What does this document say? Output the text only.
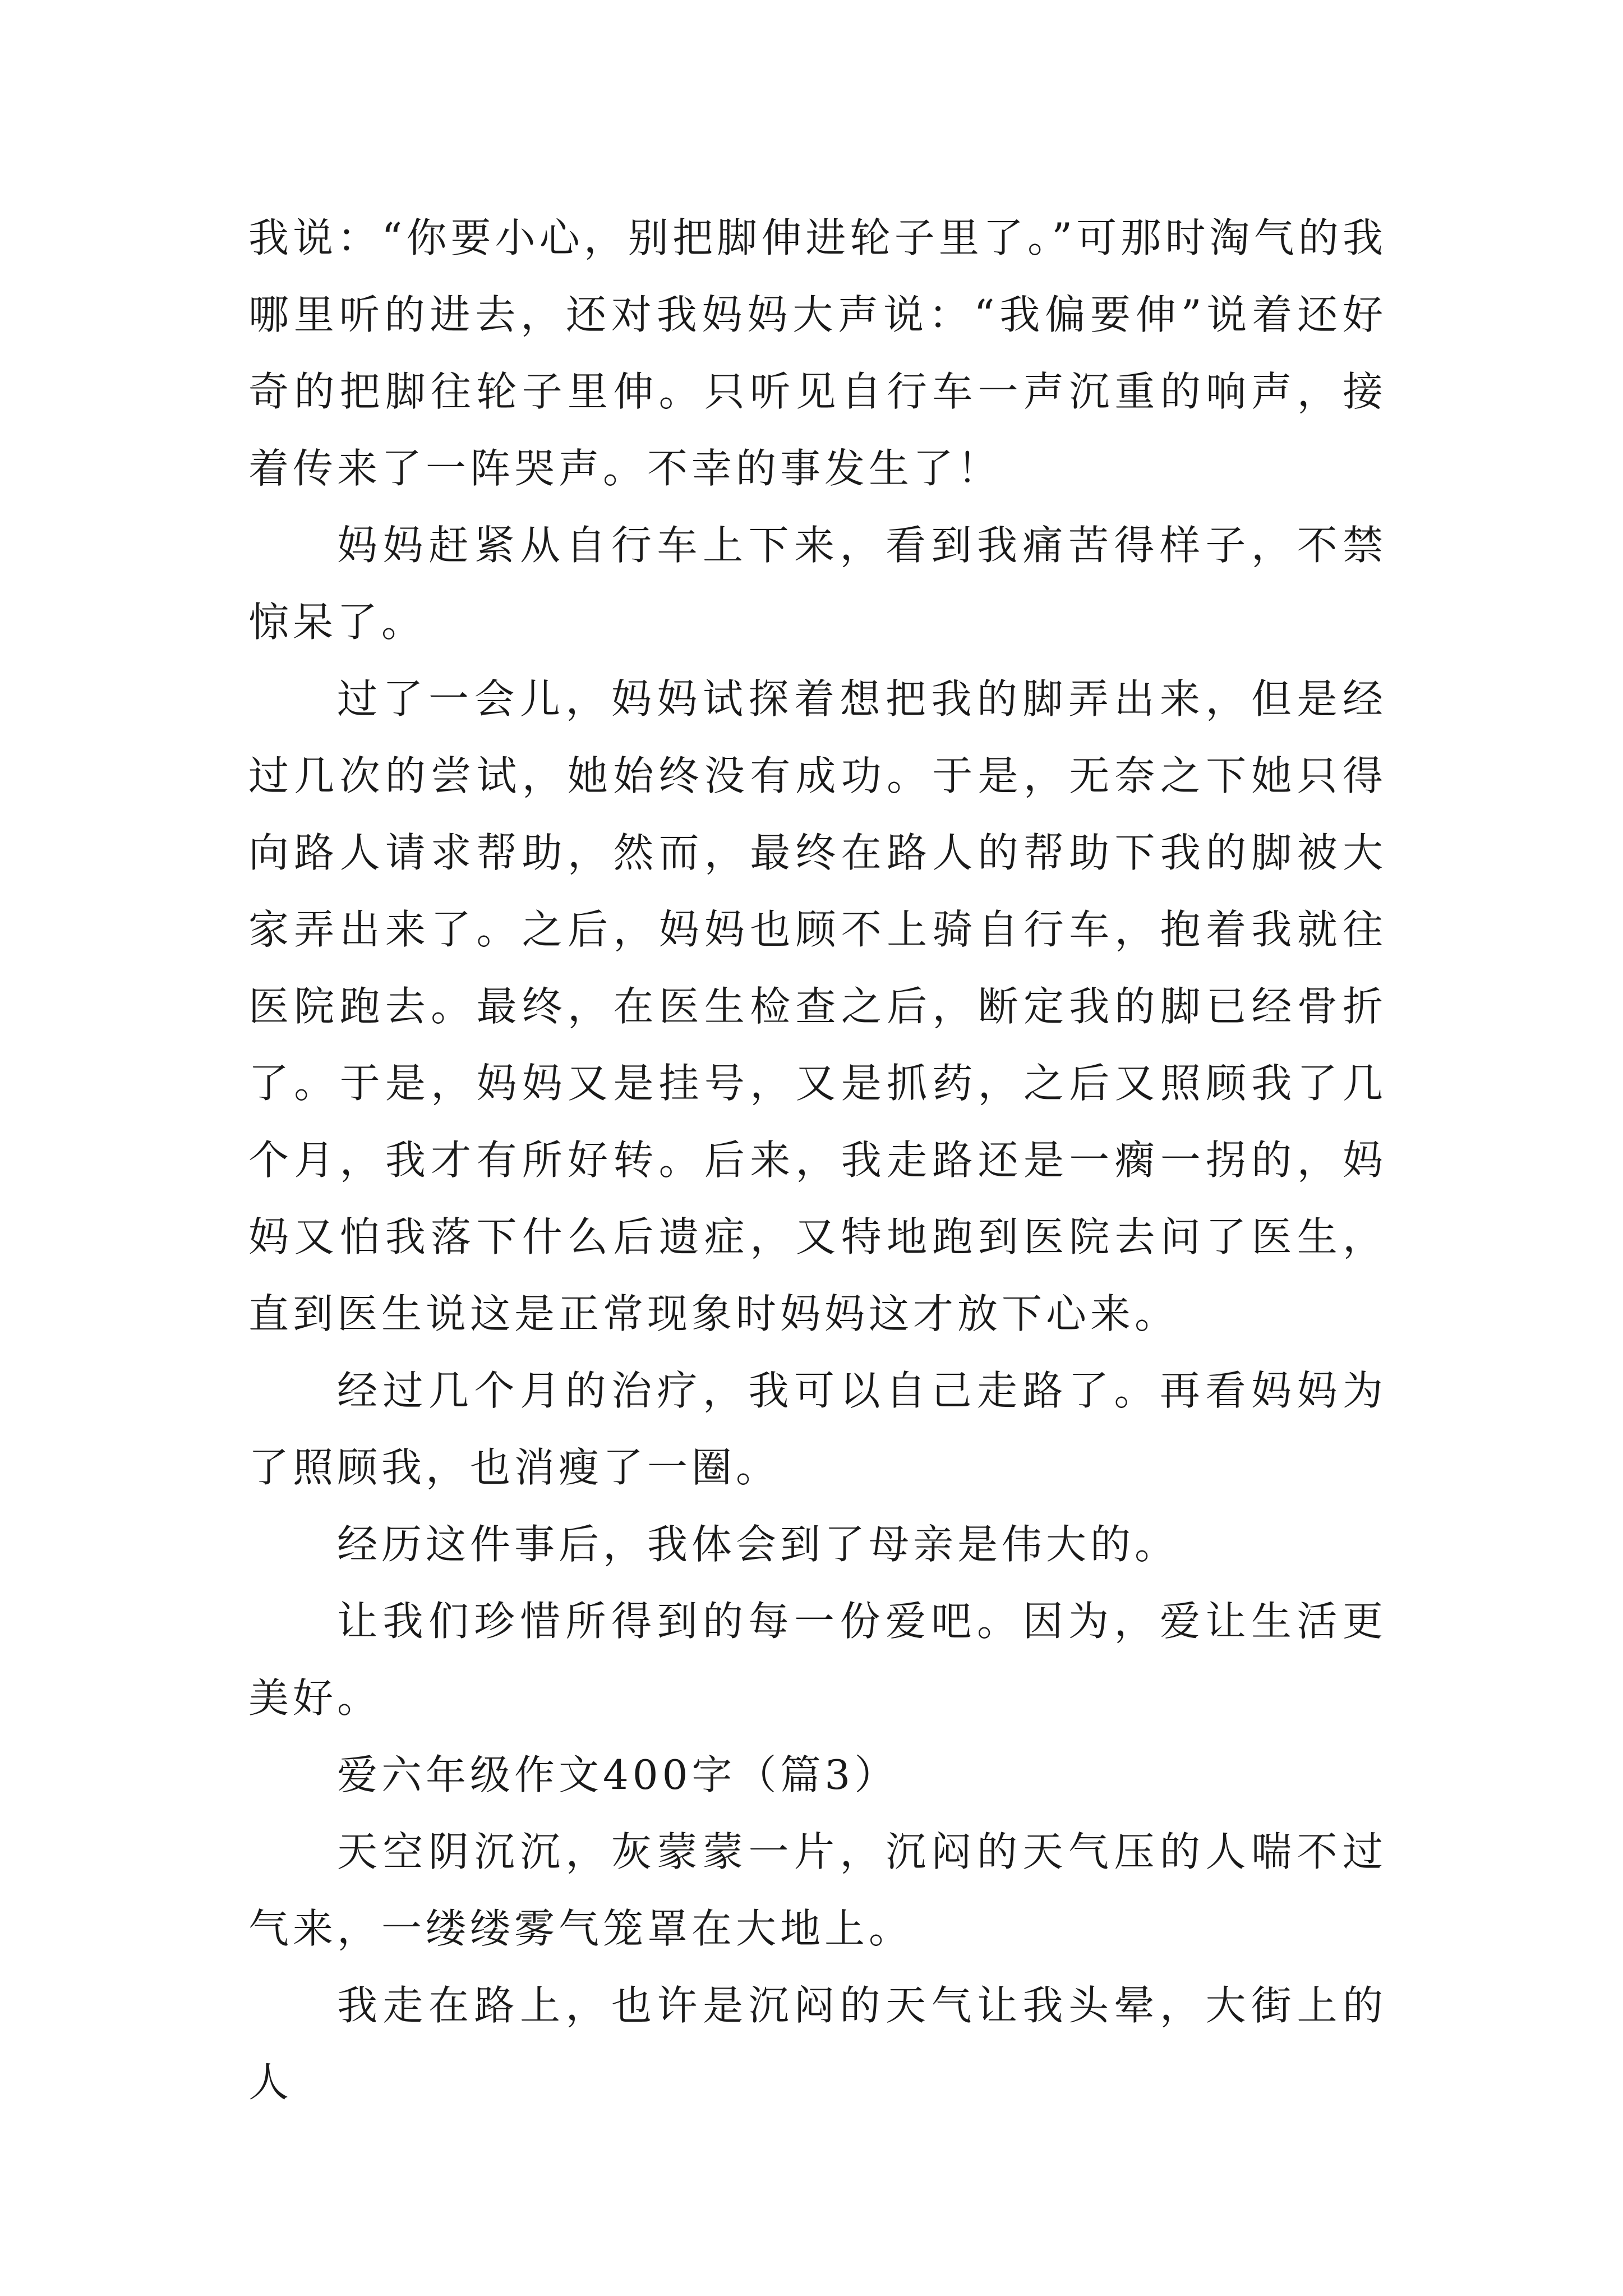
我说：“你要小心，别把脚伸进轮子里了。”可那时淘气的我哪里听的进去，还对我妈妈大声说：“我偏要伸”说着还好奇的把脚往轮子里伸。只听见自行车一声沉重的响声，接着传来了一阵哭声。不幸的事发生了！

妈妈赶紧从自行车上下来，看到我痛苦得样子，不禁惊呆了。

过了一会儿，妈妈试探着想把我的脚弄出来，但是经过几次的尝试，她始终没有成功。于是，无奈之下她只得向路人请求帮助，然而，最终在路人的帮助下我的脚被大家弄出来了。之后，妈妈也顾不上骑自行车，抱着我就往医院跑去。最终，在医生检查之后，断定我的脚已经骨折了。于是，妈妈又是挂号，又是抓药，之后又照顾我了几个月，我才有所好转。后来，我走路还是一瘸一拐的，妈妈又怕我落下什么后遗症，又特地跑到医院去问了医生，直到医生说这是正常现象时妈妈这才放下心来。

经过几个月的治疗，我可以自己走路了。再看妈妈为了照顾我，也消瘦了一圈。

经历这件事后，我体会到了母亲是伟大的。

让我们珍惜所得到的每一份爱吧。因为，爱让生活更美好。

爱六年级作文400字（篇3）

天空阴沉沉，灰蒙蒙一片，沉闷的天气压的人喘不过气来，一缕缕雾气笼罩在大地上。

我走在路上，也许是沉闷的天气让我头晕，大街上的人
